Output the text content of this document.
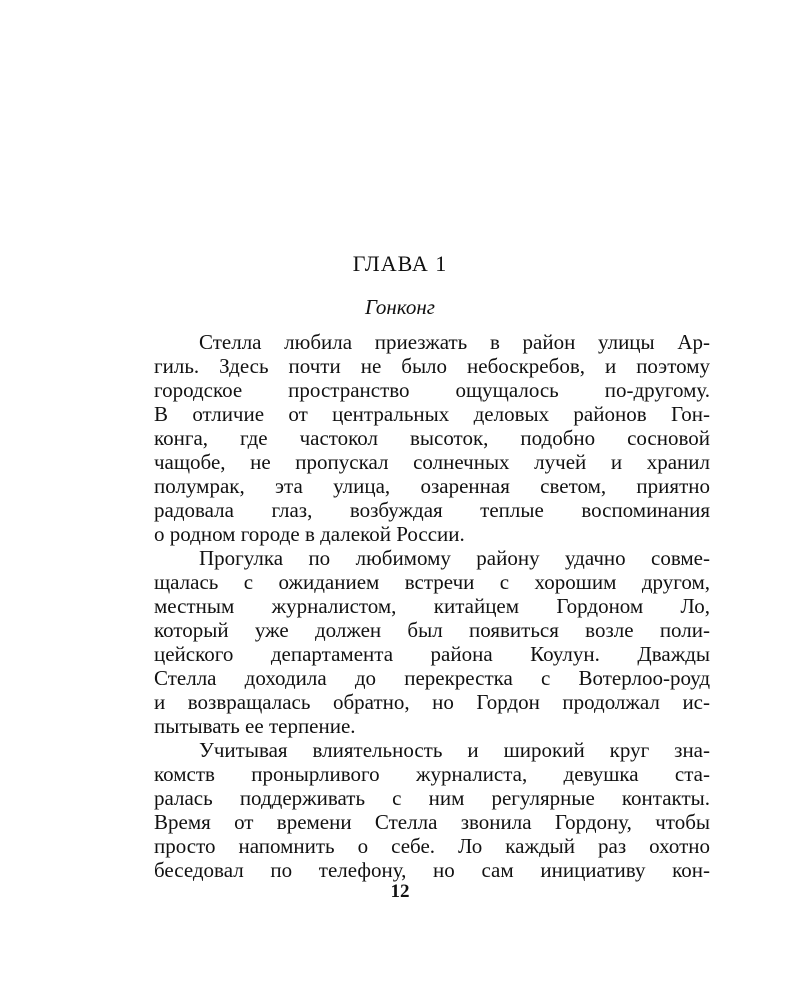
ГЛАВА 1
Гонконг
Стелла любила приезжать в район улицы Ар-
гиль. Здесь почти не было небоскребов, и поэтому
городское пространство ощущалось по-другому.
В отличие от центральных деловых районов Гон-
конга, где частокол высоток, подобно сосновой
чащобе, не пропускал солнечных лучей и хранил
полумрак, эта улица, озаренная светом, приятно
радовала глаз, возбуждая теплые воспоминания
о родном городе в далекой России.
Прогулка по любимому району удачно совме-
щалась с ожиданием встречи с хорошим другом,
местным журналистом, китайцем Гордоном Ло,
который уже должен был появиться возле поли-
цейского департамента района Коулун. Дважды
Стелла доходила до перекрестка с Вотерлоо-роуд
и возвращалась обратно, но Гордон продолжал ис-
пытывать ее терпение.
Учитывая влиятельность и широкий круг зна-
комств пронырливого журналиста, девушка ста-
ралась поддерживать с ним регулярные контакты.
Время от времени Стелла звонила Гордону, чтобы
просто напомнить о себе. Ло каждый раз охотно
беседовал по телефону, но сам инициативу кон-
12
